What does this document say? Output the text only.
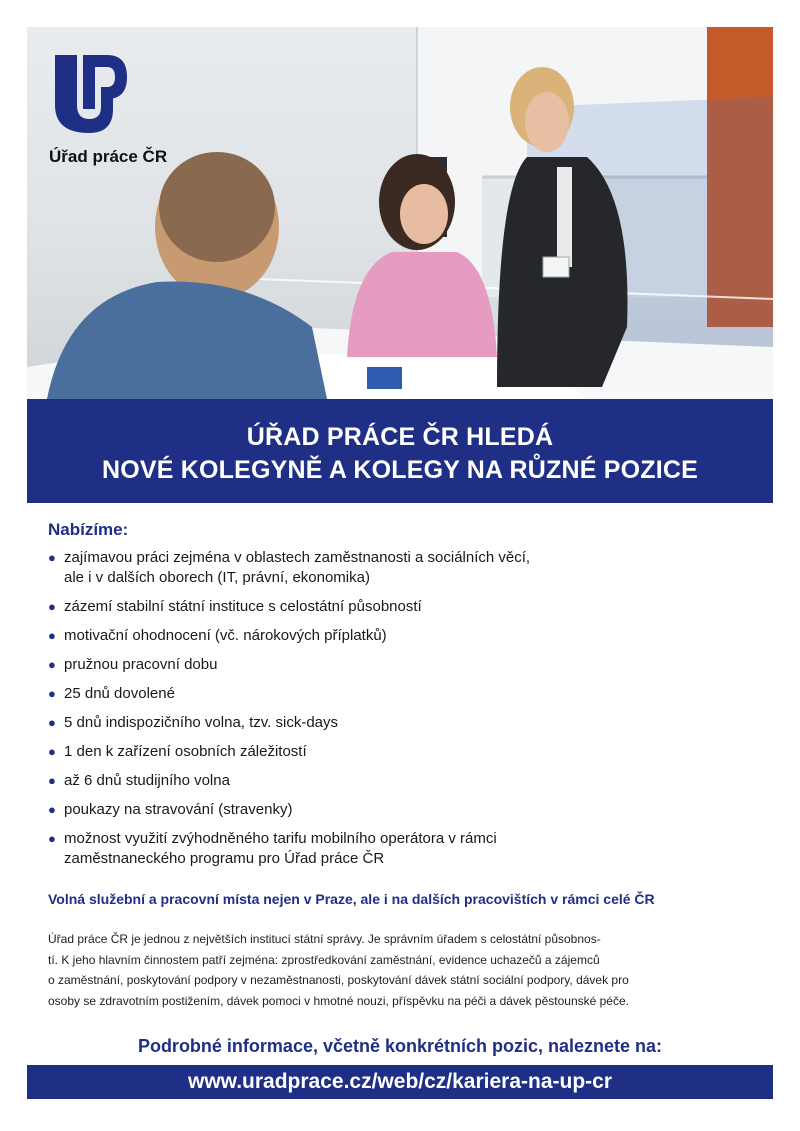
Úřad práce ČR
ÚŘAD PRÁCE ČR HLEDÁ
NOVÉ KOLEGYNĚ A KOLEGY NA RŮZNÉ POZICE
Nabízíme:
● zajímavou práci zejména v oblastech zaměstnanosti a sociálních věcí,
ale i v dalších oborech (IT, právní, ekonomika)
● zázemí stabilní státní instituce s celostátní působností
● motivační ohodnocení (vč. nárokových příplatků)
● pružnou pracovní dobu
● 25 dnů dovolené
● 5 dnů indispozičního volna, tzv. sick-days
● 1 den k zařízení osobních záležitostí
● až 6 dnů studijního volna
● poukazy na stravování (stravenky)
● možnost využití zvýhodněného tarifu mobilního operátora v rámci
zaměstnaneckého programu pro Úřad práce ČR
Volná služební a pracovní místa nejen v Praze, ale i na dalších pracovištích v rámci celé ČR
Úřad práce ČR je jednou z největších institucí státní správy. Je správním úřadem s celostátní působnos-
tí. K jeho hlavním činnostem patří zejména: zprostředkování zaměstnání, evidence uchazečů a zájemců
o zaměstnání, poskytování podpory v nezaměstnanosti, poskytování dávek státní sociální podpory, dávek pro
osoby se zdravotním postižením, dávek pomoci v hmotné nouzi, příspěvku na péči a dávek pěstounské péče.
Podrobné informace, včetně konkrétních pozic, naleznete na:
www.uradprace.cz/web/cz/kariera-na-up-cr
